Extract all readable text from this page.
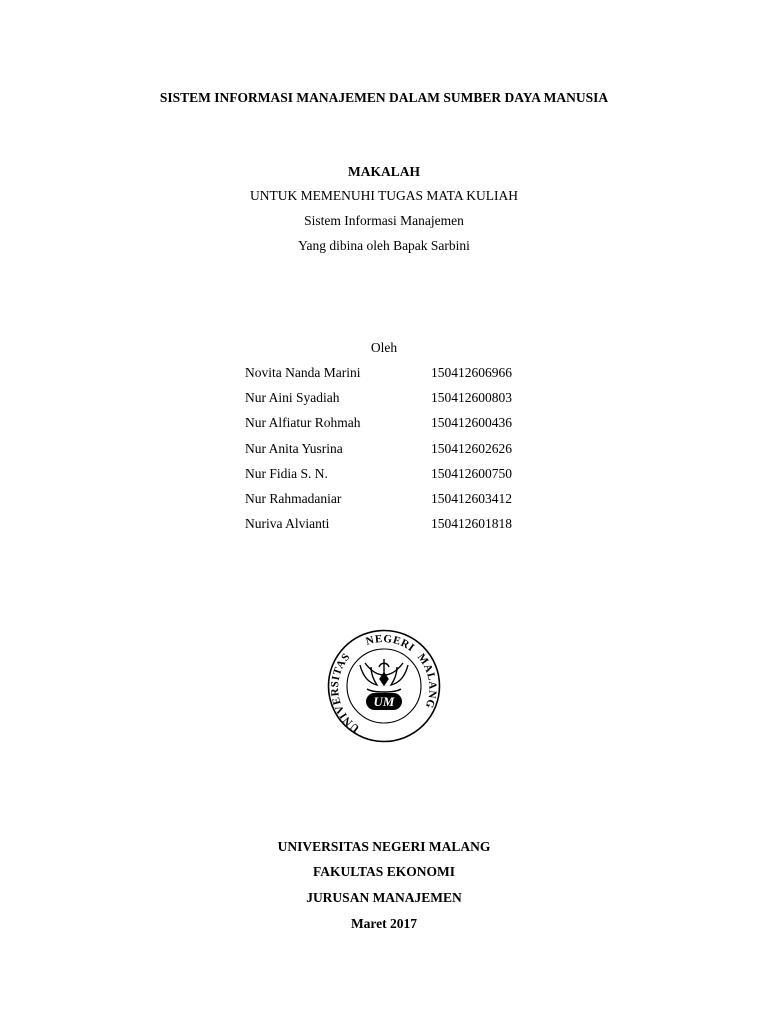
SISTEM INFORMASI MANAJEMEN DALAM SUMBER DAYA MANUSIA
MAKALAH
UNTUK MEMENUHI TUGAS MATA KULIAH
Sistem Informasi Manajemen
Yang dibina oleh Bapak Sarbini
Oleh
Novita Nanda Marini	150412606966
Nur Aini Syadiah	150412600803
Nur Alfiatur Rohmah	150412600436
Nur Anita Yusrina	150412602626
Nur Fidia S. N.	150412600750
Nur Rahmadaniar	150412603412
Nuriva Alvianti	150412601818
UNIVERSITAS
NEGERI
MALANG
UM
UNIVERSITAS NEGERI MALANG
FAKULTAS EKONOMI
JURUSAN MANAJEMEN
Maret 2017
